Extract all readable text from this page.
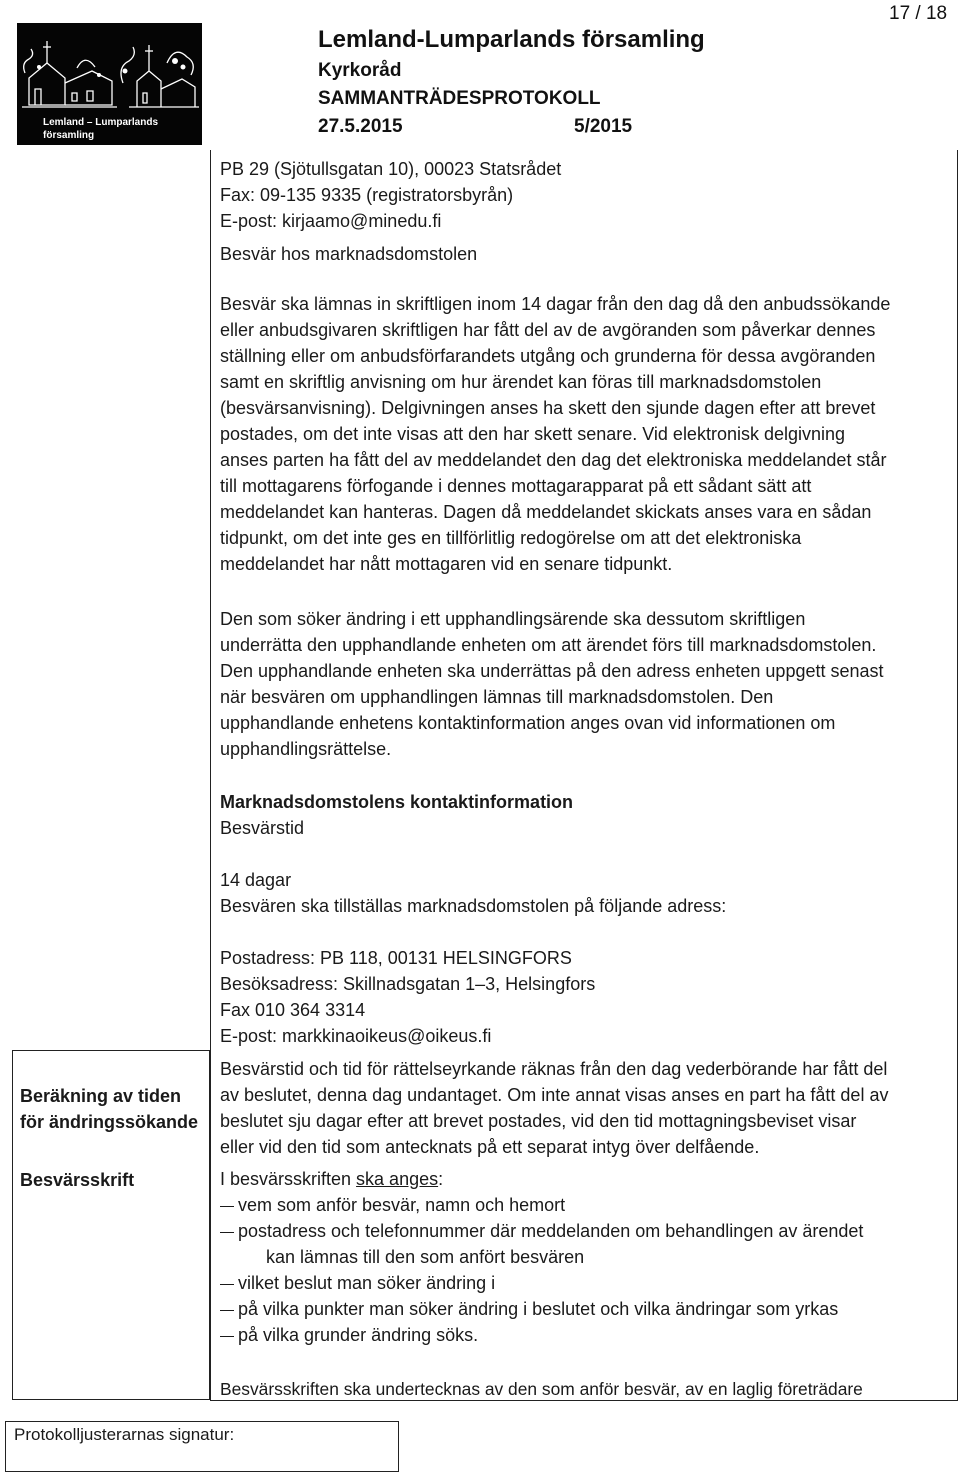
Lemland – Lumparlands
församling
Lemland-Lumparlands församling
Kyrkoråd
SAMMANTRÄDESPROTOKOLL
27.5.2015	5/2015
17 / 18
PB 29 (Sjötullsgatan 10), 00023 Statsrådet
Fax: 09-135 9335 (registratorsbyrån)
E-post: kirjaamo@minedu.fi
Besvär hos marknadsdomstolen
Besvär ska lämnas in skriftligen inom 14 dagar från den dag då den anbudssökande
eller anbudsgivaren skriftligen har fått del av de avgöranden som påverkar dennes
ställning eller om anbudsförfarandets utgång och grunderna för dessa avgöranden
samt en skriftlig anvisning om hur ärendet kan föras till marknadsdomstolen
(besvärsanvisning). Delgivningen anses ha skett den sjunde dagen efter att brevet
postades, om det inte visas att den har skett senare. Vid elektronisk delgivning
anses parten ha fått del av meddelandet den dag det elektroniska meddelandet står
till mottagarens förfogande i dennes mottagarapparat på ett sådant sätt att
meddelandet kan hanteras. Dagen då meddelandet skickats anses vara en sådan
tidpunkt, om det inte ges en tillförlitlig redogörelse om att det elektroniska
meddelandet har nått mottagaren vid en senare tidpunkt.
Den som söker ändring i ett upphandlingsärende ska dessutom skriftligen
underrätta den upphandlande enheten om att ärendet förs till marknadsdomstolen.
Den upphandlande enheten ska underrättas på den adress enheten uppgett senast
när besvären om upphandlingen lämnas till marknadsdomstolen. Den
upphandlande enhetens kontaktinformation anges ovan vid informationen om
upphandlingsrättelse.
Marknadsdomstolens kontaktinformation
Besvärstid
14 dagar
Besvären ska tillställas marknadsdomstolen på följande adress:
Postadress: PB 118, 00131 HELSINGFORS
Besöksadress: Skillnadsgatan 1–3, Helsingfors
Fax 010 364 3314
E-post: markkinaoikeus@oikeus.fi
Beräkning av tiden
för ändringssökande
Besvärstid och tid för rättelseyrkande räknas från den dag vederbörande har fått del
av beslutet, denna dag undantaget. Om inte annat visas anses en part ha fått del av
beslutet sju dagar efter att brevet postades, vid den tid mottagningsbeviset visar
eller vid den tid som antecknats på ett separat intyg över delfående.
Besvärsskrift	I besvärsskriften ska anges:
vem som anför besvär, namn och hemort
postadress och telefonnummer där meddelanden om behandlingen av ärendet
kan lämnas till den som anfört besvären
vilket beslut man söker ändring i
på vilka punkter man söker ändring i beslutet och vilka ändringar som yrkas
på vilka grunder ändring söks.
Besvärsskriften ska undertecknas av den som anför besvär, av en laglig företrädare
Protokolljusterarnas signatur:
